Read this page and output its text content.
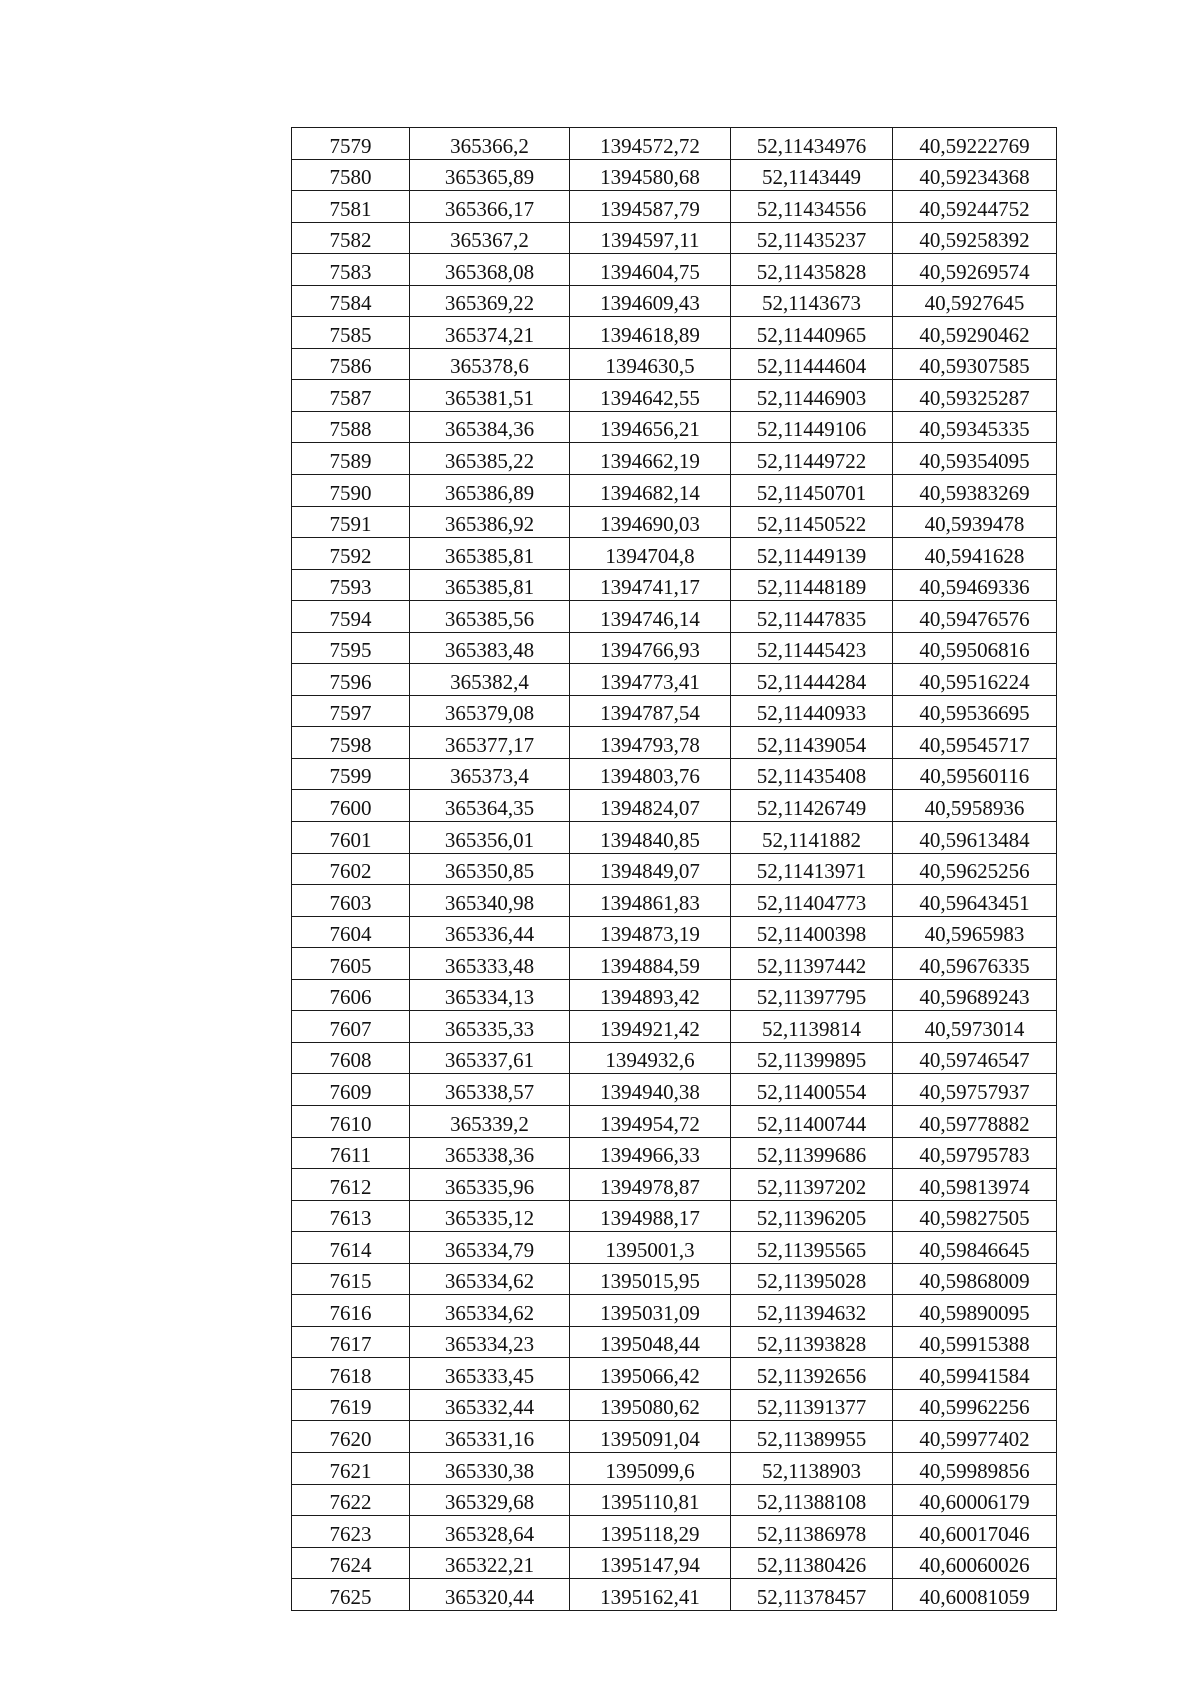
7579	365366,2	1394572,72	52,11434976	40,59222769
7580	365365,89	1394580,68	52,1143449	40,59234368
7581	365366,17	1394587,79	52,11434556	40,59244752
7582	365367,2	1394597,11	52,11435237	40,59258392
7583	365368,08	1394604,75	52,11435828	40,59269574
7584	365369,22	1394609,43	52,1143673	40,5927645
7585	365374,21	1394618,89	52,11440965	40,59290462
7586	365378,6	1394630,5	52,11444604	40,59307585
7587	365381,51	1394642,55	52,11446903	40,59325287
7588	365384,36	1394656,21	52,11449106	40,59345335
7589	365385,22	1394662,19	52,11449722	40,59354095
7590	365386,89	1394682,14	52,11450701	40,59383269
7591	365386,92	1394690,03	52,11450522	40,5939478
7592	365385,81	1394704,8	52,11449139	40,5941628
7593	365385,81	1394741,17	52,11448189	40,59469336
7594	365385,56	1394746,14	52,11447835	40,59476576
7595	365383,48	1394766,93	52,11445423	40,59506816
7596	365382,4	1394773,41	52,11444284	40,59516224
7597	365379,08	1394787,54	52,11440933	40,59536695
7598	365377,17	1394793,78	52,11439054	40,59545717
7599	365373,4	1394803,76	52,11435408	40,59560116
7600	365364,35	1394824,07	52,11426749	40,5958936
7601	365356,01	1394840,85	52,1141882	40,59613484
7602	365350,85	1394849,07	52,11413971	40,59625256
7603	365340,98	1394861,83	52,11404773	40,59643451
7604	365336,44	1394873,19	52,11400398	40,5965983
7605	365333,48	1394884,59	52,11397442	40,59676335
7606	365334,13	1394893,42	52,11397795	40,59689243
7607	365335,33	1394921,42	52,1139814	40,5973014
7608	365337,61	1394932,6	52,11399895	40,59746547
7609	365338,57	1394940,38	52,11400554	40,59757937
7610	365339,2	1394954,72	52,11400744	40,59778882
7611	365338,36	1394966,33	52,11399686	40,59795783
7612	365335,96	1394978,87	52,11397202	40,59813974
7613	365335,12	1394988,17	52,11396205	40,59827505
7614	365334,79	1395001,3	52,11395565	40,59846645
7615	365334,62	1395015,95	52,11395028	40,59868009
7616	365334,62	1395031,09	52,11394632	40,59890095
7617	365334,23	1395048,44	52,11393828	40,59915388
7618	365333,45	1395066,42	52,11392656	40,59941584
7619	365332,44	1395080,62	52,11391377	40,59962256
7620	365331,16	1395091,04	52,11389955	40,59977402
7621	365330,38	1395099,6	52,1138903	40,59989856
7622	365329,68	1395110,81	52,11388108	40,60006179
7623	365328,64	1395118,29	52,11386978	40,60017046
7624	365322,21	1395147,94	52,11380426	40,60060026
7625	365320,44	1395162,41	52,11378457	40,60081059
